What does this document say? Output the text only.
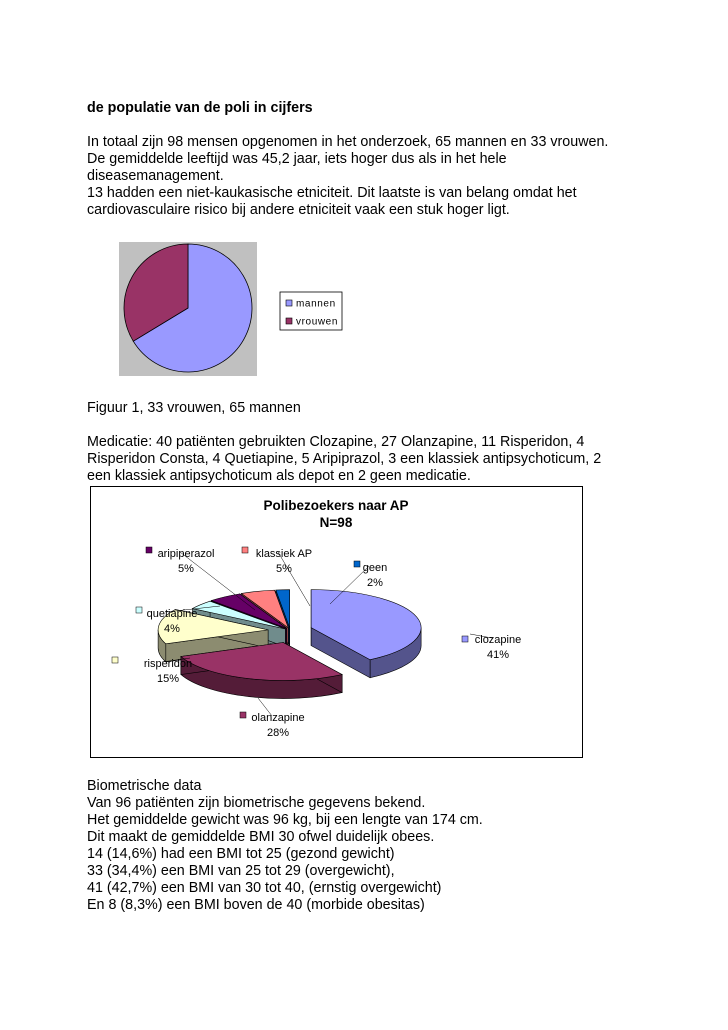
de populatie van de poli in cijfers

In totaal zijn 98 mensen opgenomen in het onderzoek, 65 mannen en 33 vrouwen.

De gemiddelde leeftijd was 45,2 jaar, iets hoger dus als in het hele

diseasemanagement.

13 hadden een niet-kaukasische etniciteit. Dit laatste is van belang omdat het

cardiovasculaire risico bij andere etniciteit vaak een stuk hoger ligt.

mannen
vrouwen

Figuur 1, 33 vrouwen, 65 mannen

Medicatie: 40 patiënten gebruikten Clozapine, 27 Olanzapine, 11 Risperidon, 4

Risperidon Consta, 4 Quetiapine, 5 Aripiprazol, 3 een klassiek antipsychoticum, 2

een klassiek antipsychoticum als depot en 2 geen medicatie.

Polibezoekers naar AP
N=98
clozapine
41%
olanzapine
28%
risperidon
15%
quetiapine
4%
aripiperazol
5%
klassiek AP
5%	geen
2%

Biometrische data

Van 96 patiënten zijn biometrische gegevens bekend.

Het gemiddelde gewicht was 96 kg, bij een lengte van 174 cm.

Dit maakt de gemiddelde BMI 30 ofwel duidelijk obees.

14 (14,6%) had een BMI tot 25 (gezond gewicht)

33 (34,4%) een BMI van 25 tot 29 (overgewicht),

41 (42,7%) een BMI van 30 tot 40, (ernstig overgewicht)

En 8 (8,3%) een BMI boven de 40 (morbide obesitas)
